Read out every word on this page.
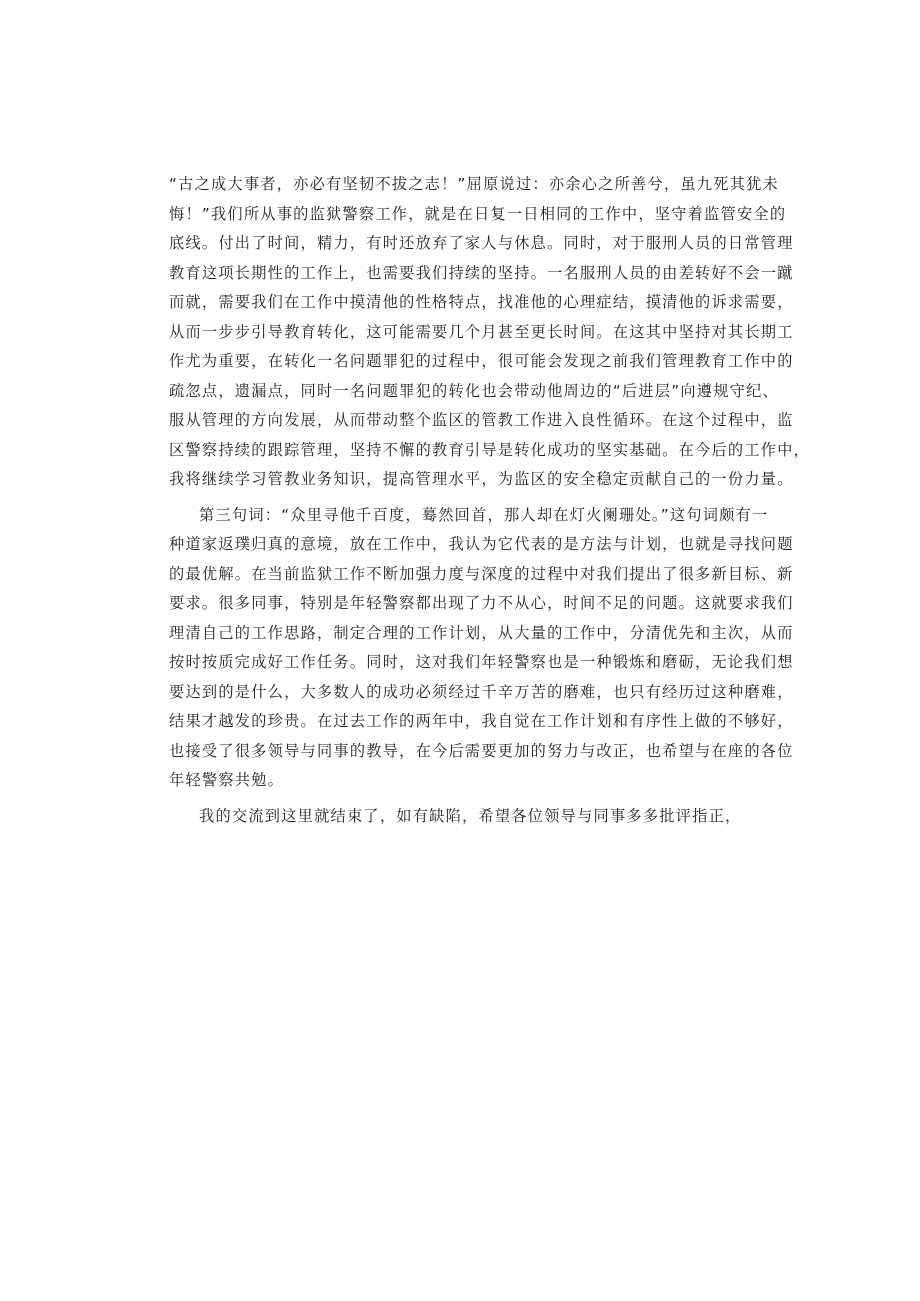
“古之成大事者，亦必有坚韧不拔之志！”屈原说过：亦余心之所善兮，虽九死其犹未
悔！”我们所从事的监狱警察工作，就是在日复一日相同的工作中，坚守着监管安全的
底线。付出了时间，精力，有时还放弃了家人与休息。同时，对于服刑人员的日常管理
教育这项长期性的工作上，也需要我们持续的坚持。一名服刑人员的由差转好不会一蹴
而就，需要我们在工作中摸清他的性格特点，找准他的心理症结，摸清他的诉求需要，
从而一步步引导教育转化，这可能需要几个月甚至更长时间。在这其中坚持对其长期工
作尤为重要，在转化一名问题罪犯的过程中，很可能会发现之前我们管理教育工作中的
疏忽点，遗漏点，同时一名问题罪犯的转化也会带动他周边的“后进层”向遵规守纪、
服从管理的方向发展，从而带动整个监区的管教工作进入良性循环。在这个过程中，监
区警察持续的跟踪管理，坚持不懈的教育引导是转化成功的坚实基础。在今后的工作中，
我将继续学习管教业务知识，提高管理水平，为监区的安全稳定贡献自己的一份力量。
第三句词：“众里寻他千百度，蓦然回首，那人却在灯火阑珊处。”这句词颇有一
种道家返璞归真的意境，放在工作中，我认为它代表的是方法与计划，也就是寻找问题
的最优解。在当前监狱工作不断加强力度与深度的过程中对我们提出了很多新目标、新
要求。很多同事，特别是年轻警察都出现了力不从心，时间不足的问题。这就要求我们
理清自己的工作思路，制定合理的工作计划，从大量的工作中，分清优先和主次，从而
按时按质完成好工作任务。同时，这对我们年轻警察也是一种锻炼和磨砺，无论我们想
要达到的是什么，大多数人的成功必须经过千辛万苦的磨难，也只有经历过这种磨难，
结果才越发的珍贵。在过去工作的两年中，我自觉在工作计划和有序性上做的不够好，
也接受了很多领导与同事的教导，在今后需要更加的努力与改正，也希望与在座的各位
年轻警察共勉。
我的交流到这里就结束了，如有缺陷，希望各位领导与同事多多批评指正，
